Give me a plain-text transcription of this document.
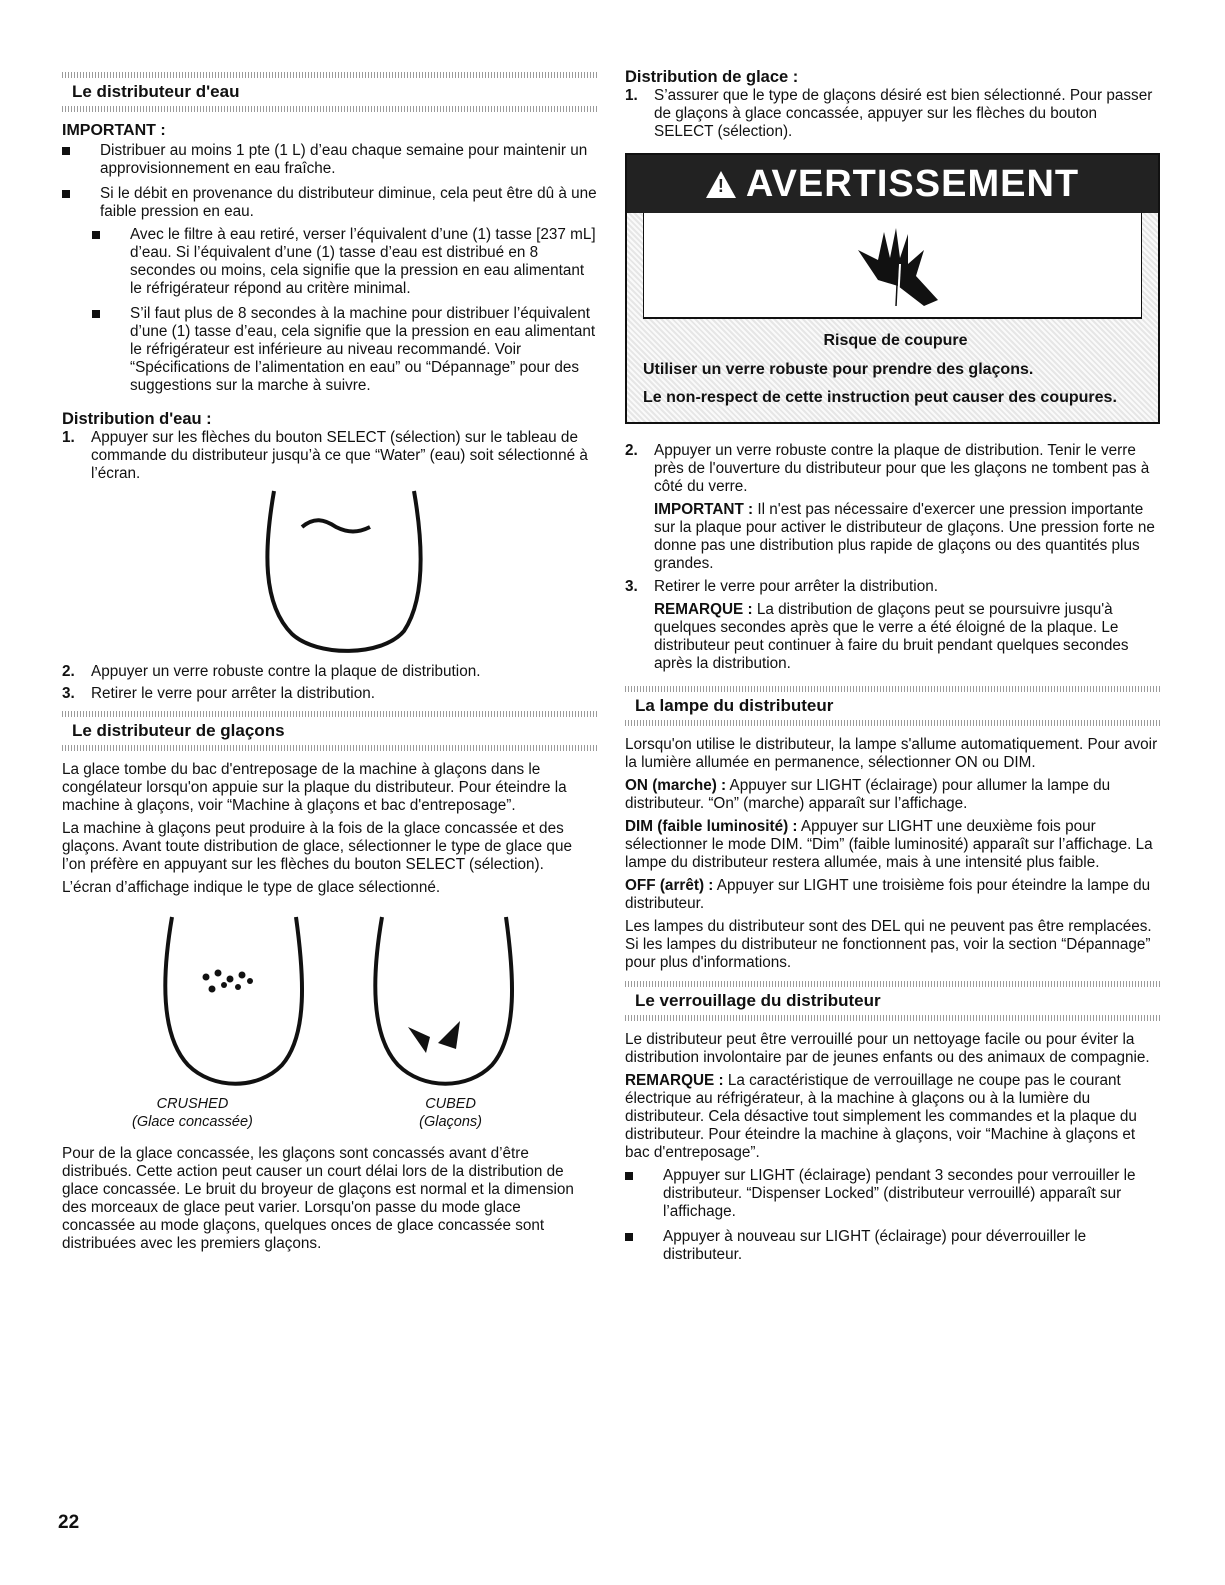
Le distributeur d'eau
IMPORTANT :
Distribuer au moins 1 pte (1 L) d’eau chaque semaine pour maintenir un approvisionnement en eau fraîche.
Si le débit en provenance du distributeur diminue, cela peut être dû à une faible pression en eau.
Avec le filtre à eau retiré, verser l’équivalent d’une (1) tasse [237 mL] d’eau. Si l’équivalent d’une (1) tasse d’eau est distribué en 8 secondes ou moins, cela signifie que la pression en eau alimentant le réfrigérateur répond au critère minimal.
S’il faut plus de 8 secondes à la machine pour distribuer l’équivalent d’une (1) tasse d’eau, cela signifie que la pression en eau alimentant le réfrigérateur est inférieure au niveau recommandé. Voir “Spécifications de l’alimentation en eau” ou “Dépannage” pour des suggestions sur la marche à suivre.
Distribution d'eau :
1. Appuyer sur les flèches du bouton SELECT (sélection) sur le tableau de commande du distributeur jusqu’à ce que “Water” (eau) soit sélectionné à l’écran.
2. Appuyer un verre robuste contre la plaque de distribution.
3. Retirer le verre pour arrêter la distribution.
Le distributeur de glaçons

La glace tombe du bac d'entreposage de la machine à glaçons dans le congélateur lorsqu'on appuie sur la plaque du distributeur. Pour éteindre la machine à glaçons, voir “Machine à glaçons et bac d'entreposage”.

La machine à glaçons peut produire à la fois de la glace concassée et des glaçons. Avant toute distribution de glace, sélectionner le type de glace que l’on préfère en appuyant sur les flèches du bouton SELECT (sélection).

L’écran d’affichage indique le type de glace sélectionné.

CRUSHED
(Glace concassée)
CUBED
(Glaçons)

Pour de la glace concassée, les glaçons sont concassés avant d’être distribués. Cette action peut causer un court délai lors de la distribution de glace concassée. Le bruit du broyeur de glaçons est normal et la dimension des morceaux de glace peut varier. Lorsqu'on passe du mode glace concassée au mode glaçons, quelques onces de glace concassée sont distribuées avec les premiers glaçons.

22
Distribution de glace :
1. S’assurer que le type de glaçons désiré est bien sélectionné. Pour passer de glaçons à glace concassée, appuyer sur les flèches du bouton SELECT (sélection).
! AVERTISSEMENT
Risque de coupure

Utiliser un verre robuste pour prendre des glaçons.

Le non-respect de cette instruction peut causer des coupures.

2. Appuyer un verre robuste contre la plaque de distribution. Tenir le verre près de l'ouverture du distributeur pour que les glaçons ne tombent pas à côté du verre.

IMPORTANT : Il n'est pas nécessaire d'exercer une pression importante sur la plaque pour activer le distributeur de glaçons. Une pression forte ne donne pas une distribution plus rapide de glaçons ou des quantités plus grandes.

3. Retirer le verre pour arrêter la distribution.

REMARQUE : La distribution de glaçons peut se poursuivre jusqu'à quelques secondes après que le verre a été éloigné de la plaque. Le distributeur peut continuer à faire du bruit pendant quelques secondes après la distribution.

La lampe du distributeur

Lorsqu'on utilise le distributeur, la lampe s'allume automatiquement. Pour avoir la lumière allumée en permanence, sélectionner ON ou DIM.

ON (marche) : Appuyer sur LIGHT (éclairage) pour allumer la lampe du distributeur. “On” (marche) apparaît sur l’affichage.

DIM (faible luminosité) : Appuyer sur LIGHT une deuxième fois pour sélectionner le mode DIM. “Dim” (faible luminosité) apparaît sur l’affichage. La lampe du distributeur restera allumée, mais à une intensité plus faible.

OFF (arrêt) : Appuyer sur LIGHT une troisième fois pour éteindre la lampe du distributeur.

Les lampes du distributeur sont des DEL qui ne peuvent pas être remplacées. Si les lampes du distributeur ne fonctionnent pas, voir la section “Dépannage” pour plus d'informations.

Le verrouillage du distributeur

Le distributeur peut être verrouillé pour un nettoyage facile ou pour éviter la distribution involontaire par de jeunes enfants ou des animaux de compagnie.

REMARQUE : La caractéristique de verrouillage ne coupe pas le courant électrique au réfrigérateur, à la machine à glaçons ou à la lumière du distributeur. Cela désactive tout simplement les commandes et la plaque du distributeur. Pour éteindre la machine à glaçons, voir “Machine à glaçons et bac d'entreposage”.

Appuyer sur LIGHT (éclairage) pendant 3 secondes pour verrouiller le distributeur. “Dispenser Locked” (distributeur verrouillé) apparaît sur l’affichage.
Appuyer à nouveau sur LIGHT (éclairage) pour déverrouiller le distributeur.
